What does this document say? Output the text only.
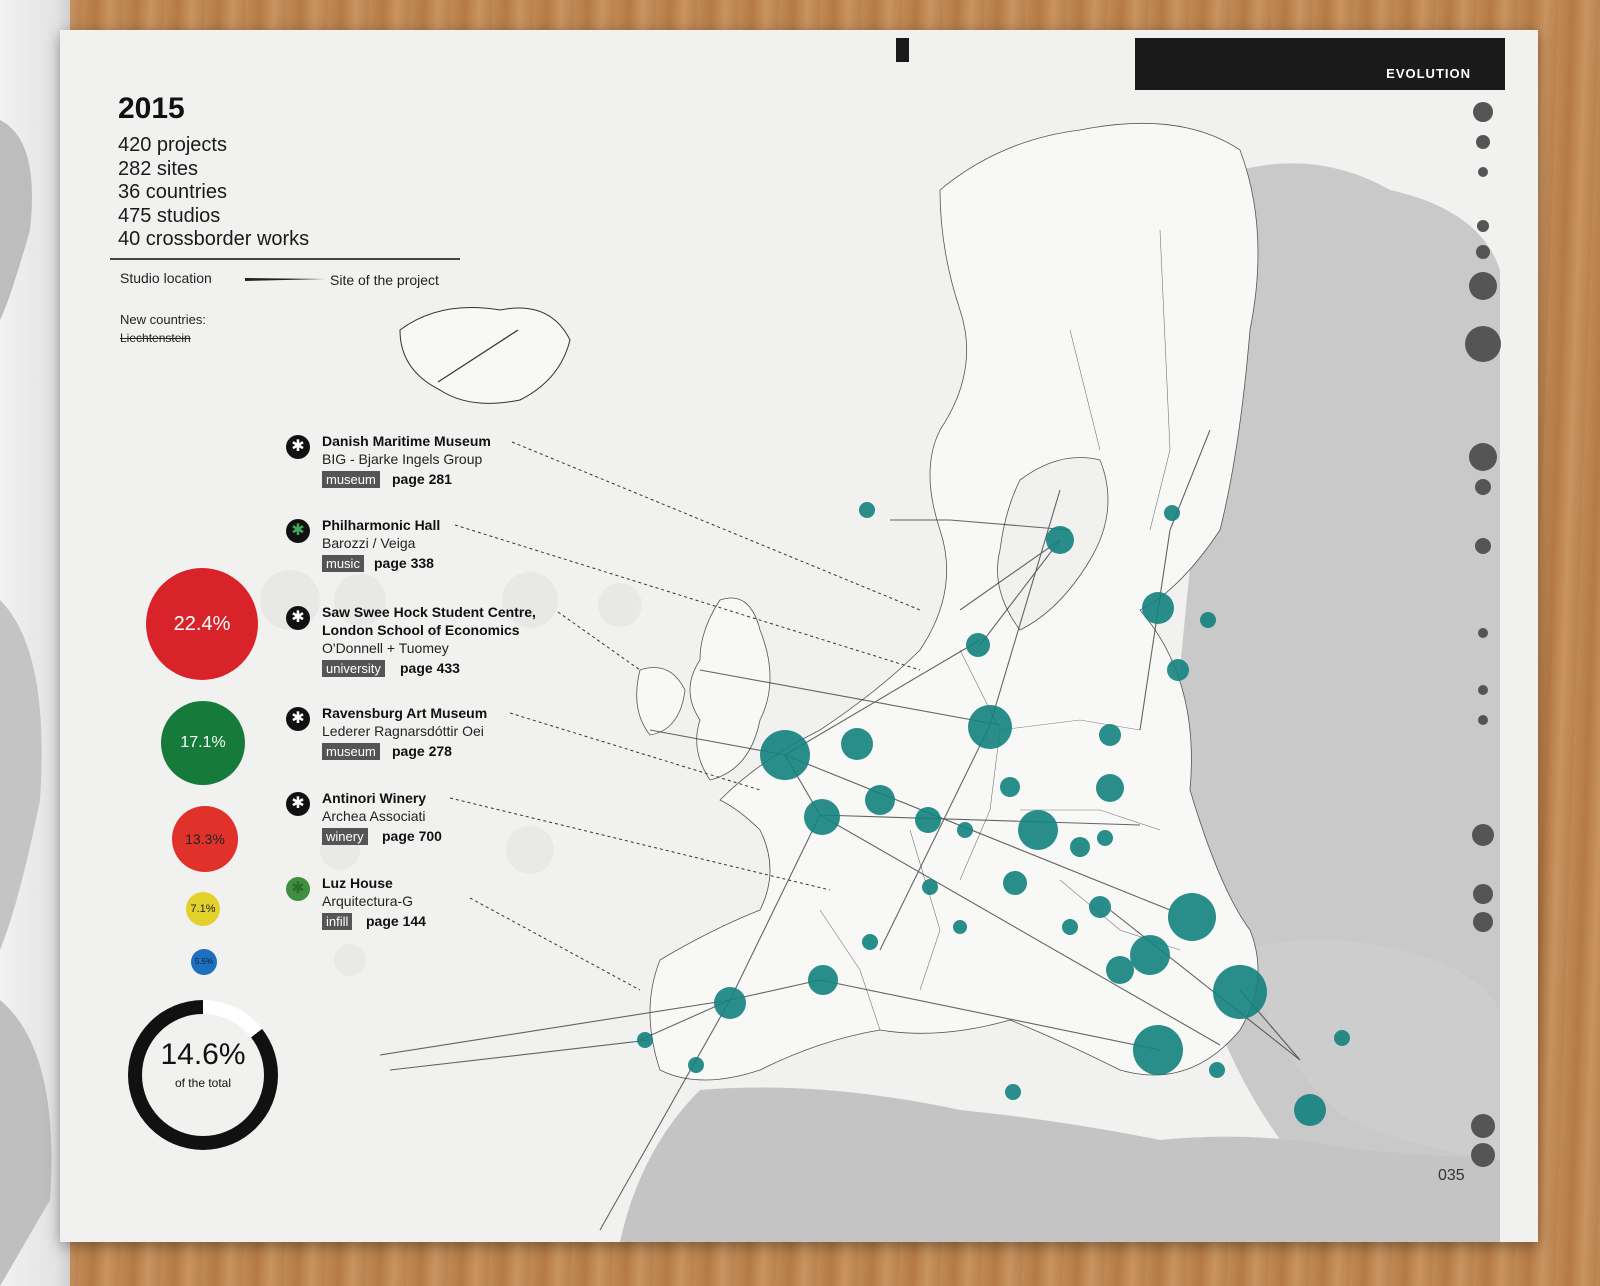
EVOLUTION
2015
420 projects
282 sites
36 countries
475 studios
40 crossborder works
Studio location	Site of the project
New countries:
Liechtenstein
✱	Danish Maritime Museum
BIG - Bjarke Ingels Group
museum page 281
✱	Philharmonic Hall
Barozzi / Veiga
music page 338
✱	Saw Swee Hock Student Centre,
London School of Economics
O'Donnell + Tuomey
university page 433
✱	Ravensburg Art Museum
Lederer Ragnarsdóttir Oei
museum page 278
✱	Antinori Winery
Archea Associati
winery page 700
✱	Luz House
Arquitectura-G
infill page 144
22.4%
17.1%
13.3%
7.1%
5.5%
14.6%
of the total
035
